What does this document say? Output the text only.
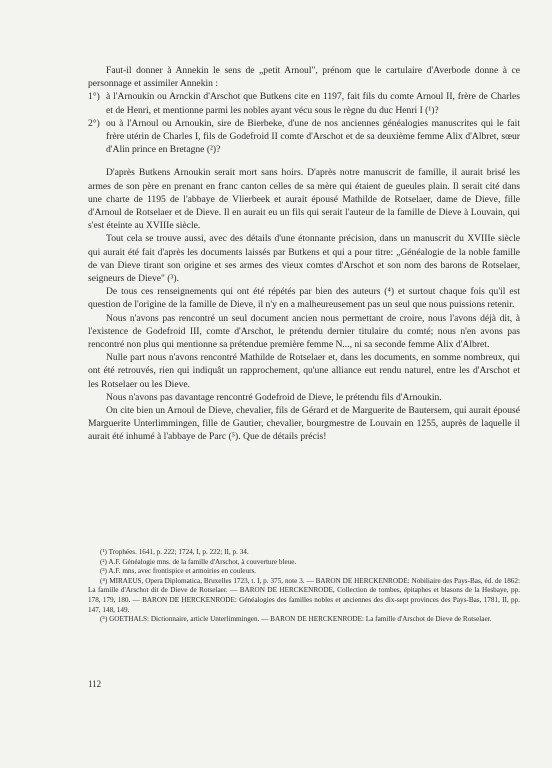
Faut-il donner à Annekin le sens de „petit Arnoul", prénom que le cartulaire d'Averbode donne à ce personnage et assimiler Annekin :

1°) à l'Arnoukin ou Arnckin d'Arschot que Butkens cite en 1197, fait fils du comte Arnoul II, frère de Charles et de Henri, et mentionne parmi les nobles ayant vécu sous le règne du duc Henri I (¹)?
2°) ou à l'Arnoul ou Arnoukin, sire de Bierbeke, d'une de nos anciennes généalogies manuscrites qui le fait frère utérin de Charles I, fils de Godefroid II comte d'Arschot et de sa deuxième femme Alix d'Albret, sœur d'Alin prince en Bretagne (²)?

D'après Butkens Arnoukin serait mort sans hoirs. D'après notre manuscrit de famille, il aurait brisé les armes de son père en prenant en franc canton celles de sa mère qui étaient de gueules plain. Il serait cité dans une charte de 1195 de l'abbaye de Vlierbeek et aurait épousé Mathilde de Rotselaer, dame de Dieve, fille d'Arnoul de Rotselaer et de Dieve. Il en aurait eu un fils qui serait l'auteur de la famille de Dieve à Louvain, qui s'est éteinte au XVIIIe siècle.

Tout cela se trouve aussi, avec des détails d'une étonnante précision, dans un manuscrit du XVIIIe siècle qui aurait été fait d'après les documents laissés par Butkens et qui a pour titre: „Généalogie de la noble famille de van Dieve tirant son origine et ses armes des vieux comtes d'Arschot et son nom des barons de Rotselaer, seigneurs de Dieve" (³).

De tous ces renseignements qui ont été répétés par bien des auteurs (⁴) et surtout chaque fois qu'il est question de l'origine de la famille de Dieve, il n'y en a malheureusement pas un seul que nous puissions retenir.

Nous n'avons pas rencontré un seul document ancien nous permettant de croire, nous l'avons déjà dit, à l'existence de Godefroid III, comte d'Arschot, le prétendu dernier titulaire du comté; nous n'en avons pas rencontré non plus qui mentionne sa prétendue première femme N..., ni sa seconde femme Alix d'Albret.

Nulle part nous n'avons rencontré Mathilde de Rotselaer et, dans les documents, en somme nombreux, qui ont été retrouvés, rien qui indiquât un rapprochement, qu'une alliance eut rendu naturel, entre les d'Arschot et les Rotselaer ou les Dieve.

Nous n'avons pas davantage rencontré Godefroid de Dieve, le prétendu fils d'Arnoukin.

On cite bien un Arnoul de Dieve, chevalier, fils de Gérard et de Marguerite de Bautersem, qui aurait épousé Marguerite Unterlimmingen, fille de Gautier, chevalier, bourgmestre de Louvain en 1255, auprès de laquelle il aurait été inhumé à l'abbaye de Parc (⁵). Que de détails précis!

(¹) Trophées. 1641, p. 222; 1724, I, p. 222; II, p. 34.

(²) A.F. Généalogie mns. de la famille d'Arschot, à couverture bleue.

(³) A.F. mns, avec frontispice et armoiries en couleurs.

(⁴) MIRAEUS, Opera Diplomatica, Bruxelles 1723, t. I, p. 375, note 3. — BARON DE HERCKENRODE: Nobiliaire des Pays-Bas, éd. de 1862: La famille d'Arschot dit de Dieve de Rotselaer. — BARON DE HERCKENRODE, Collection de tombes, épitaphes et blasons de la Hesbaye, pp. 178, 179, 180. — BARON DE HERCKENRODE: Généalogies des familles nobles et anciennes des dix-sept provinces des Pays-Bas, 1781, II, pp. 147, 148, 149.

(⁵) GOETHALS: Dictionnaire, article Unterlimmingen. — BARON DE HERCKENRODE: La famille d'Arschot de Dieve de Rotselaer.

112
